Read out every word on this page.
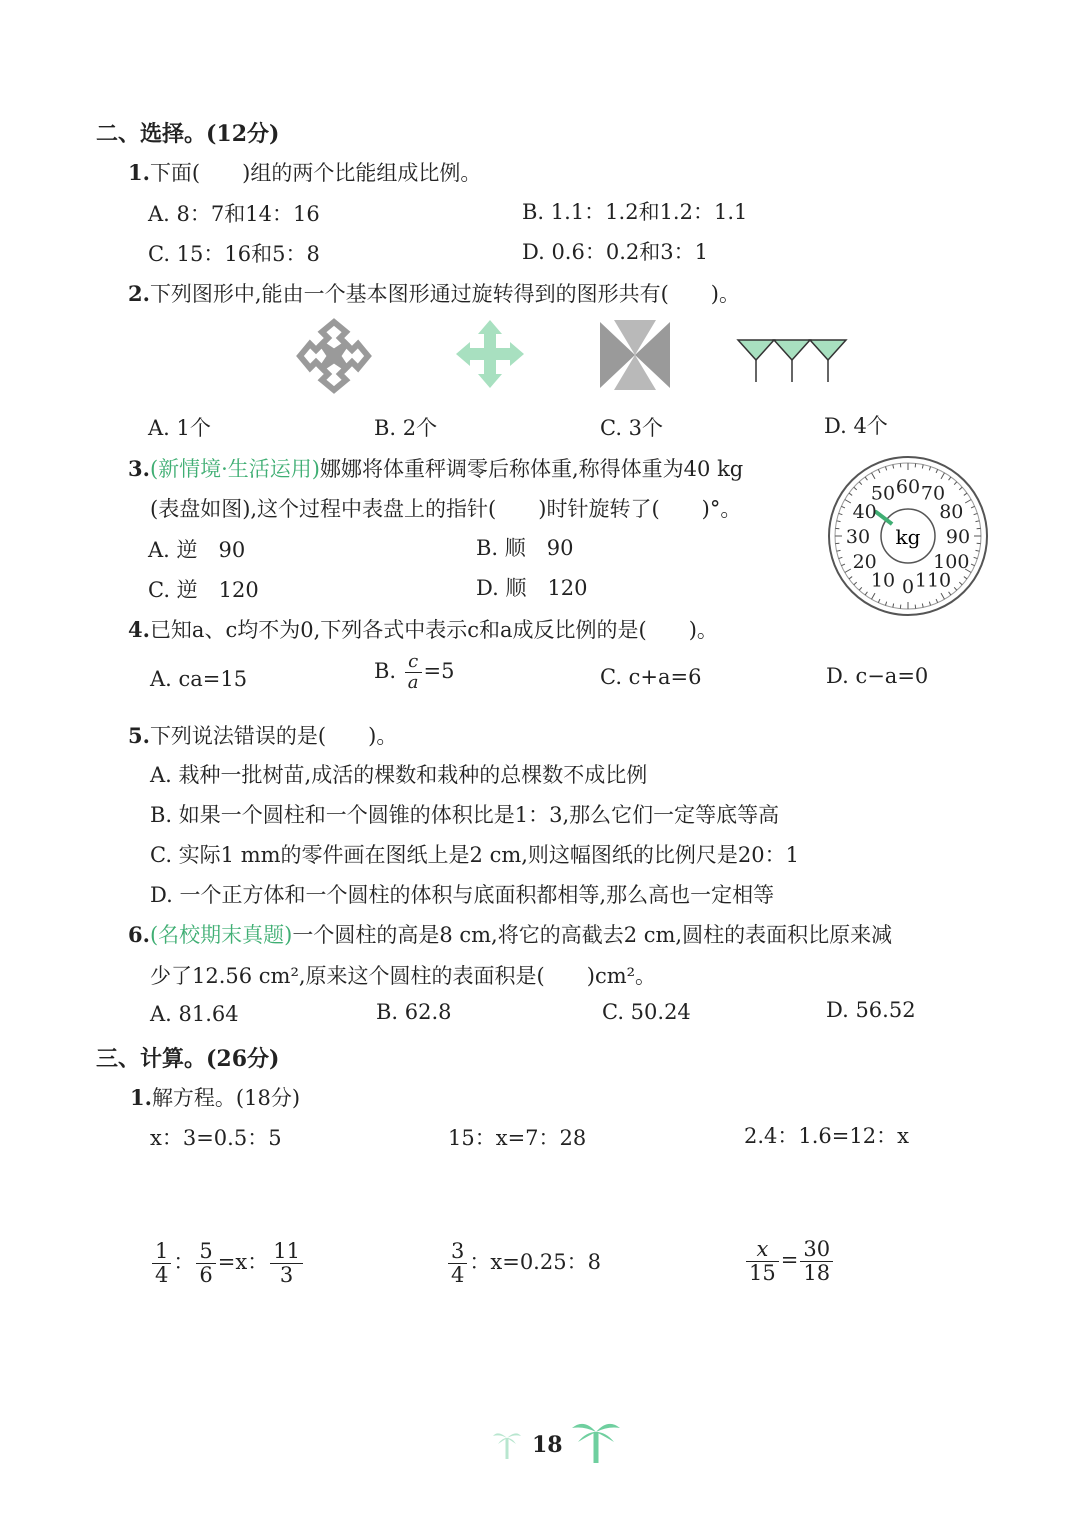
二、选择。(12分)
1.下面(　　)组的两个比能组成比例。
A. 8：7和14：16	B. 1.1：1.2和1.2：1.1
C. 15：16和5：8	D. 0.6：0.2和3：1
2.下列图形中,能由一个基本图形通过旋转得到的图形共有(　　)。
A. 1个	B. 2个	C. 3个	D. 4个
3.(新情境·生活运用)娜娜将体重秤调零后称体重,称得体重为40 kg
(表盘如图),这个过程中表盘上的指针(　　)时针旋转了(　　)°。
A. 逆　90	B. 顺　90
C. 逆　120	D. 顺　120
kg
0
10
20
30
40
50 60 70
80
90
100
110
4.已知a、c均不为0,下列各式中表示c和a成反比例的是(　　)。
A. ca=15	B. $\frac{c}{a} =5$	C. c+a=6	D. c−a=0
5.下列说法错误的是(　　)。
A. 栽种一批树苗,成活的棵数和栽种的总棵数不成比例
B. 如果一个圆柱和一个圆锥的体积比是1：3,那么它们一定等底等高
C. 实际1 mm的零件画在图纸上是2 cm,则这幅图纸的比例尺是20：1
D. 一个正方体和一个圆柱的体积与底面积都相等,那么高也一定相等
6.(名校期末真题)一个圆柱的高是8 cm,将它的高截去2 cm,圆柱的表面积比原来减
少了12.56 cm²,原来这个圆柱的表面积是(　　)cm²。
A. 81.64	B. 62.8	C. 50.24	D. 56.52
三、计算。(26分)
1.解方程。(18分)
x：3=0.5：5	15：x=7：28	2.4：1.6=12：x
$\frac{1}{4}$ ： $\frac{5}{6} =x$： $\frac{11}{3}$	$\frac{3}{4}$ ：x=0.25：8	$\frac{x}{15} = \frac{30}{18}$
18
